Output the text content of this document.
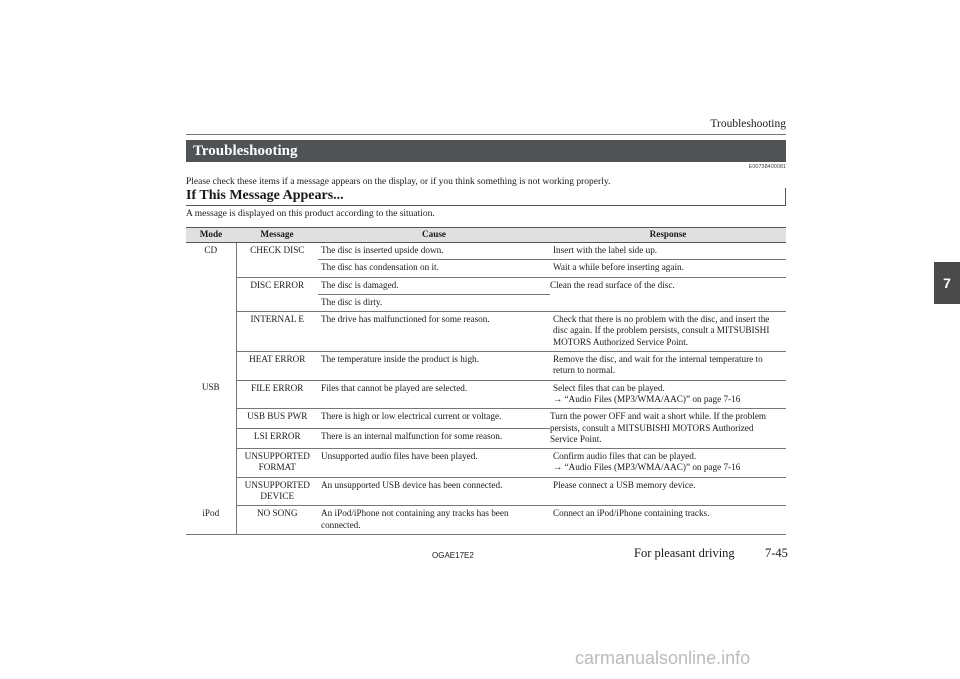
Troubleshooting
7
Troubleshooting
E00738400081
Please check these items if a message appears on the display, or if you think something is not working properly.
If This Message Appears...
A message is displayed on this product according to the situation.
Mode	Message	Cause	Response
CD	CHECK DISC	The disc is inserted upside down.	Insert with the label side up.
		The disc has condensation on it.	Wait a while before inserting again.
	DISC ERROR	The disc is damaged.	Clean the read surface of the disc.
		The disc is dirty.	
	INTERNAL E	The drive has malfunctioned for some reason.	Check that there is no problem with the disc, and insert the disc again. If the problem persists, consult a MITSUBISHI MOTORS Authorized Service Point.
	HEAT ERROR	The temperature inside the product is high.	Remove the disc, and wait for the internal temperature to return to normal.
USB	FILE ERROR	Files that cannot be played are selected.	Select files that can be played.
→ “Audio Files (MP3/WMA/AAC)” on page 7-16

	USB BUS PWR	There is high or low electrical current or voltage.	Turn the power OFF and wait a short while. If the problem persists, consult a MITSUBISHI MOTORS Authorized Service Point.
	LSI ERROR	There is an internal malfunction for some reason.	
	UNSUPPORTED FORMAT	Unsupported audio files have been played.	Confirm audio files that can be played.
→ “Audio Files (MP3/WMA/AAC)” on page 7-16

	UNSUPPORTED DEVICE	An unsupported USB device has been connected.	Please connect a USB memory device.
iPod	NO SONG	An iPod/iPhone not containing any tracks has been connected.	Connect an iPod/iPhone containing tracks.
OGAE17E2	For pleasant driving 7-45
carmanualsonline.info
